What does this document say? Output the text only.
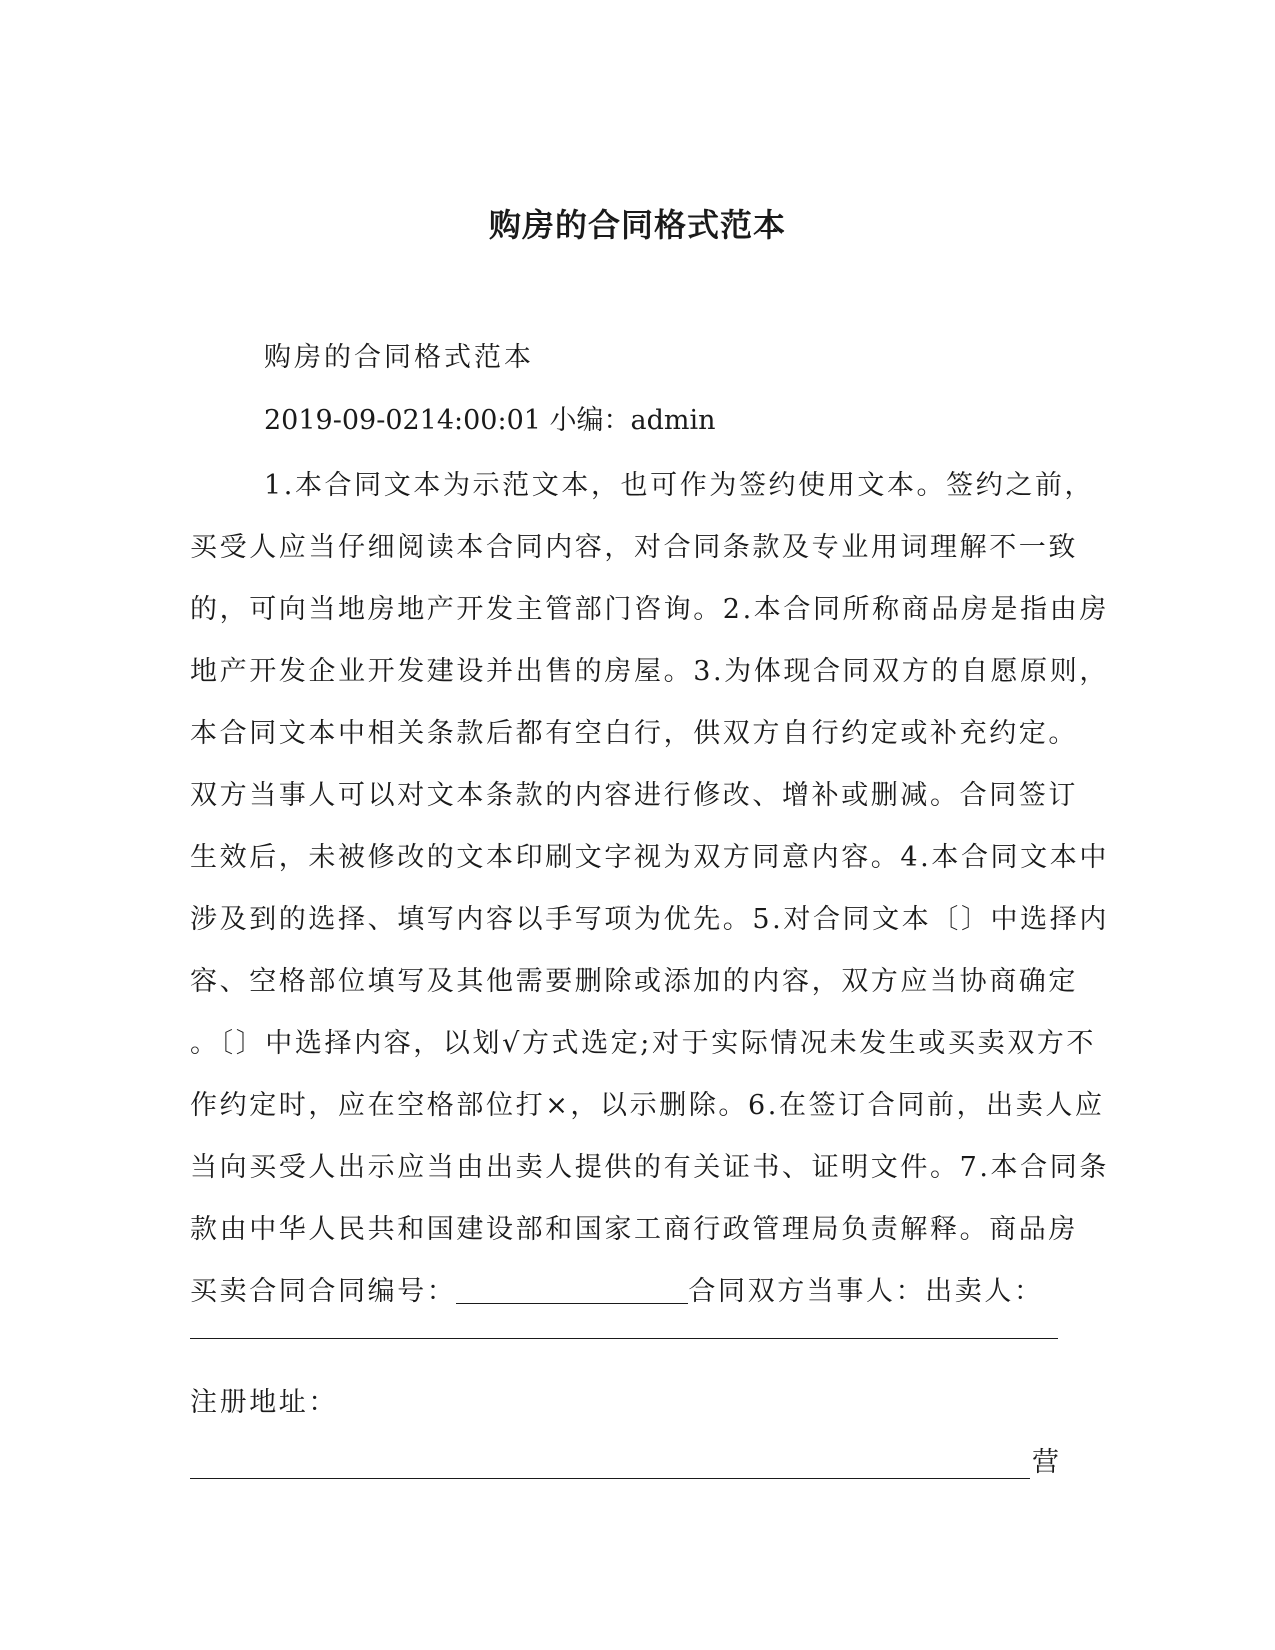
购房的合同格式范本

购房的合同格式范本

2019-09-0214:00:01 小编：admin

1.本合同文本为示范文本，也可作为签约使用文本。签约之前，
买受人应当仔细阅读本合同内容，对合同条款及专业用词理解不一致
的，可向当地房地产开发主管部门咨询。2.本合同所称商品房是指由房
地产开发企业开发建设并出售的房屋。3.为体现合同双方的自愿原则，
本合同文本中相关条款后都有空白行，供双方自行约定或补充约定。
双方当事人可以对文本条款的内容进行修改、增补或删减。合同签订
生效后，未被修改的文本印刷文字视为双方同意内容。4.本合同文本中
涉及到的选择、填写内容以手写项为优先。5.对合同文本〔〕中选择内
容、空格部位填写及其他需要删除或添加的内容，双方应当协商确定
。〔〕中选择内容，以划√方式选定;对于实际情况未发生或买卖双方不
作约定时，应在空格部位打×，以示删除。6.在签订合同前，出卖人应
当向买受人出示应当由出卖人提供的有关证书、证明文件。7.本合同条
款由中华人民共和国建设部和国家工商行政管理局负责解释。商品房
买卖合同合同编号：	合同双方当事人：出卖人：

注册地址：

营
